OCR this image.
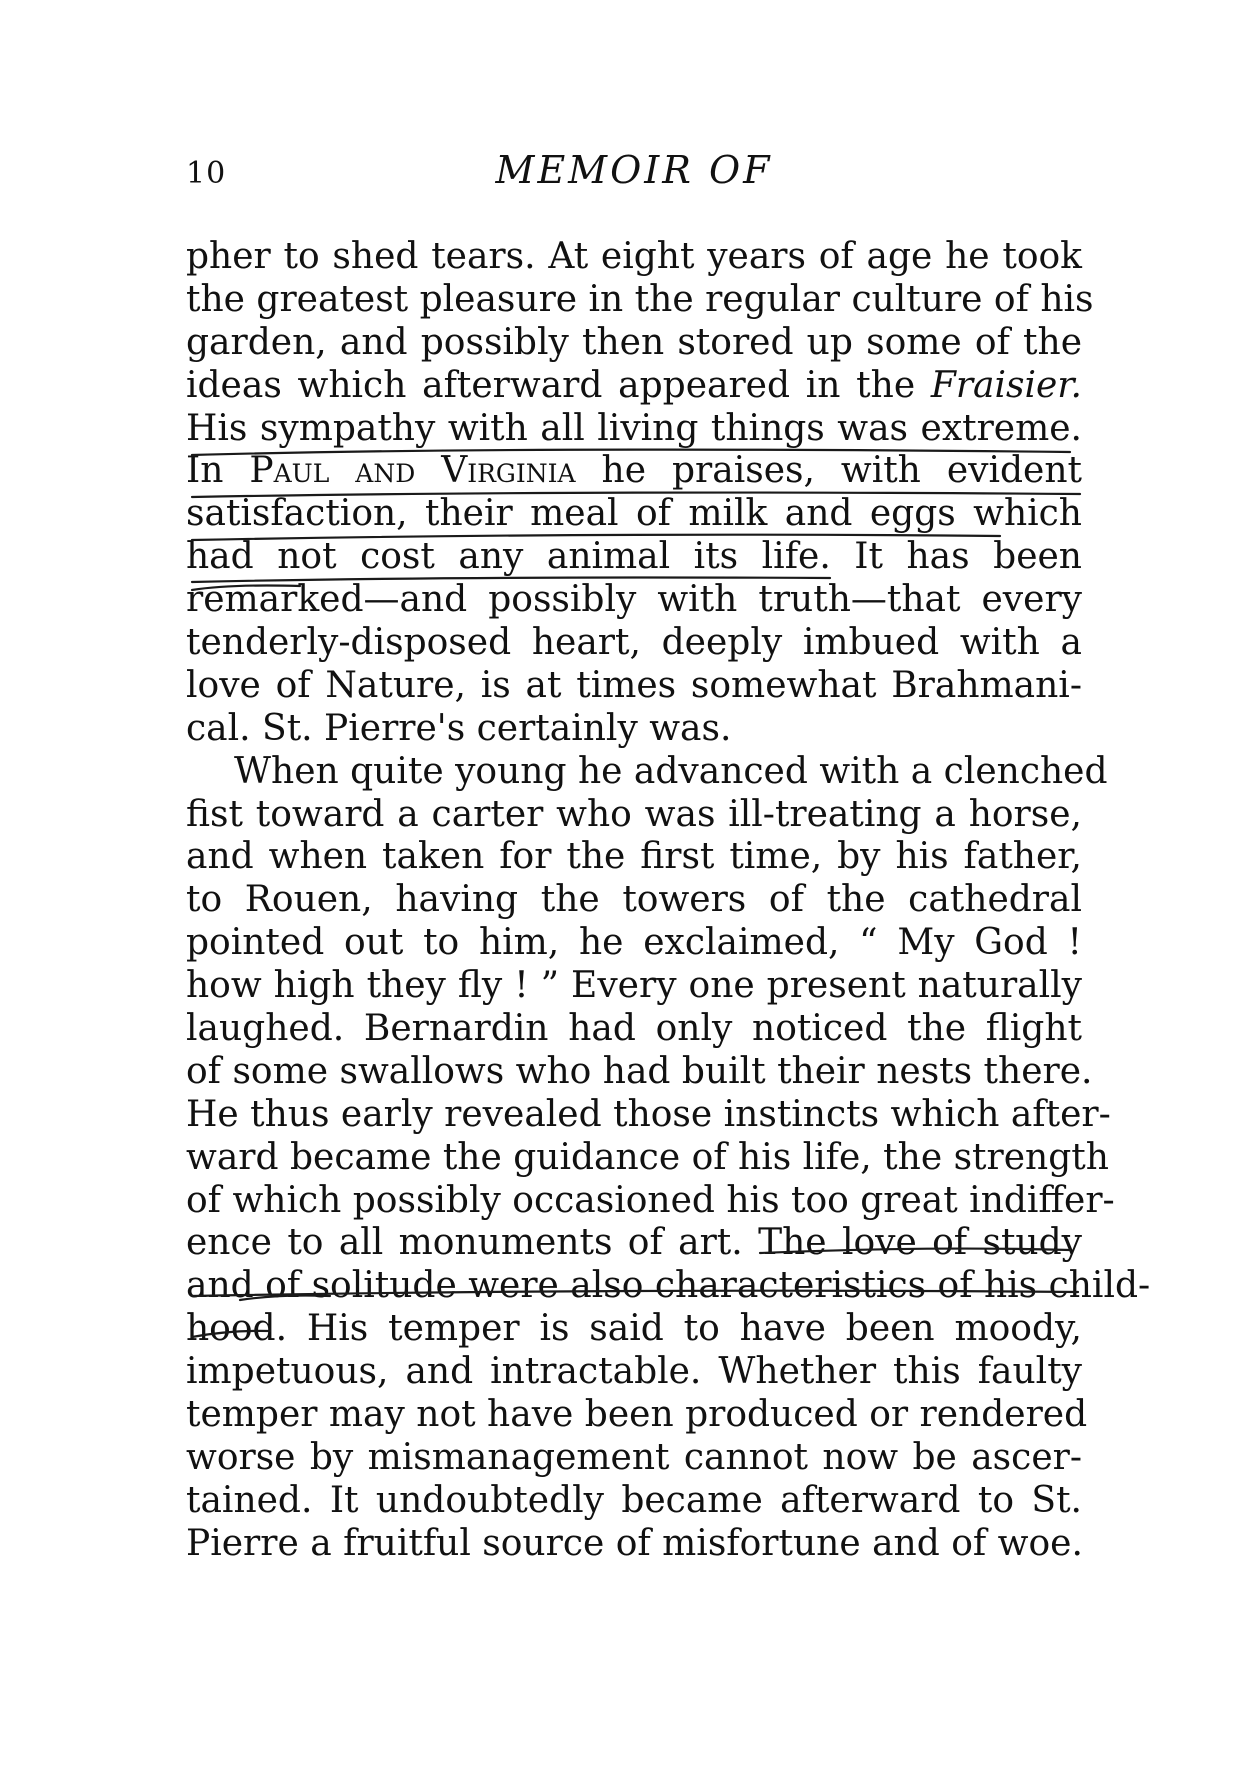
10	MEMOIR OF
pher to shed tears. At eight years of age he took
the greatest pleasure in the regular culture of his
garden, and possibly then stored up some of the
ideas which afterward appeared in the Fraisier.
His sympathy with all living things was extreme.
In Paul and Virginia he praises, with evident
satisfaction, their meal of milk and eggs which
had not cost any animal its life. It has been
remarked—and possibly with truth—that every
tenderly-disposed heart, deeply imbued with a
love of Nature, is at times somewhat Brahmani-
cal. St. Pierre's certainly was.
When quite young he advanced with a clenched
fist toward a carter who was ill-treating a horse,
and when taken for the first time, by his father,
to Rouen, having the towers of the cathedral
pointed out to him, he exclaimed, “ My God !
how high they fly ! ” Every one present naturally
laughed. Bernardin had only noticed the flight
of some swallows who had built their nests there.
He thus early revealed those instincts which after-
ward became the guidance of his life, the strength
of which possibly occasioned his too great indiffer-
ence to all monuments of art. The love of study
and of solitude were also characteristics of his child-
hood. His temper is said to have been moody,
impetuous, and intractable. Whether this faulty
temper may not have been produced or rendered
worse by mismanagement cannot now be ascer-
tained. It undoubtedly became afterward to St.
Pierre a fruitful source of misfortune and of woe.
